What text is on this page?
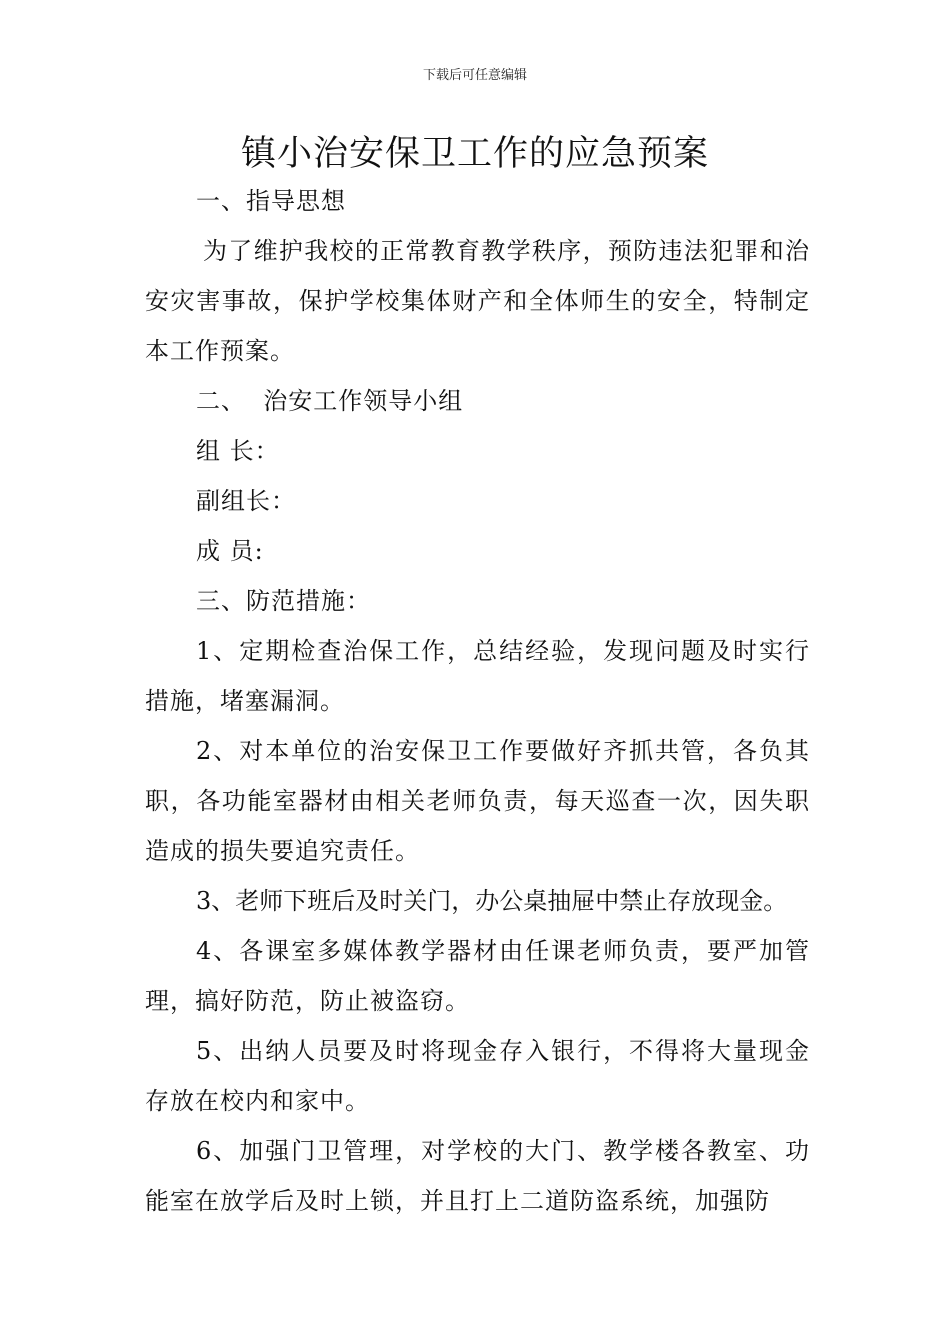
下载后可任意编辑
镇小治安保卫工作的应急预案

一、指导思想

为了维护我校的正常教育教学秩序，预防违法犯罪和治安灾害事故，保护学校集体财产和全体师生的安全，特制定本工作预案。

二、  治安工作领导小组

组 长：

副组长：

成 员:

三、防范措施：

1、定期检查治保工作，总结经验，发现问题及时实行措施，堵塞漏洞。

2、对本单位的治安保卫工作要做好齐抓共管，各负其职，各功能室器材由相关老师负责，每天巡查一次，因失职造成的损失要追究责任。

3、老师下班后及时关门，办公桌抽屉中禁止存放现金。

4、各课室多媒体教学器材由任课老师负责，要严加管理，搞好防范，防止被盗窃。

5、出纳人员要及时将现金存入银行，不得将大量现金存放在校内和家中。

6、加强门卫管理，对学校的大门、教学楼各教室、功能室在放学后及时上锁，并且打上二道防盗系统，加强防
